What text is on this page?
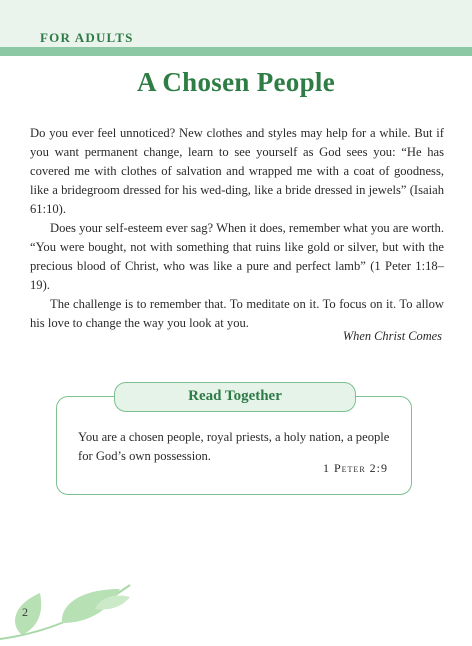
FOR ADULTS
A Chosen People

Do you ever feel unnoticed? New clothes and styles may help for a while. But if you want permanent change, learn to see yourself as God sees you: “He has covered me with clothes of salvation and wrapped me with a coat of goodness, like a bridegroom dressed for his wed-ding, like a bride dressed in jewels” (Isaiah 61:10).

Does your self-esteem ever sag? When it does, remember what you are worth. “You were bought, not with something that ruins like gold or silver, but with the precious blood of Christ, who was like a pure and perfect lamb” (1 Peter 1:18–19).

The challenge is to remember that. To meditate on it. To focus on it. To allow his love to change the way you look at you.

When Christ Comes
Read Together
You are a chosen people, royal priests, a holy nation, a people for God’s own possession.
1 Peter 2:9
2
